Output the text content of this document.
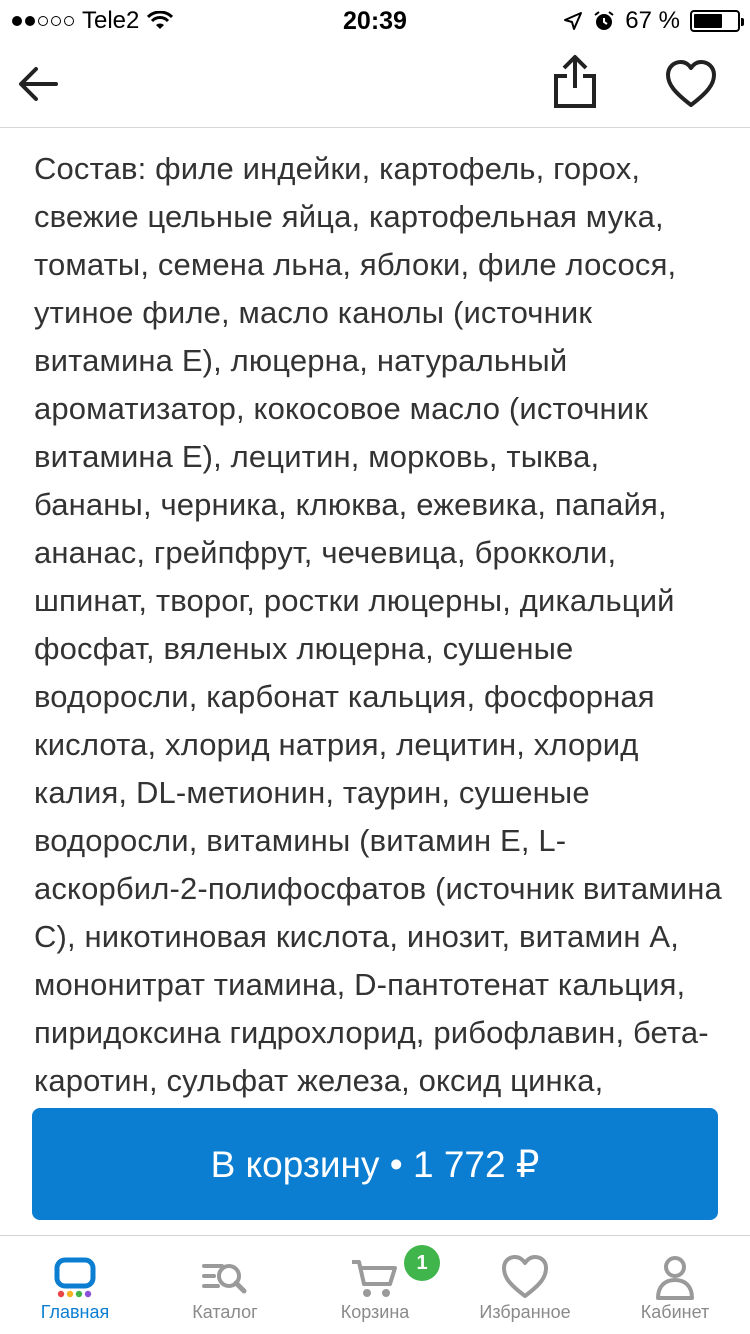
Tele2	20:39	67 %

Состав: филе индейки, картофель, горох, свежие цельные яйца, картофельная мука, томаты, семена льна, яблоки, филе лосося, утиное филе, масло канолы (источник витамина E), люцерна, натуральный ароматизатор, кокосовое масло (источник витамина E), лецитин, морковь, тыква, бананы, черника, клюква, ежевика, папайя, ананас, грейпфрут, чечевица, брокколи, шпинат, творог, ростки люцерны, дикальций фосфат, вяленых люцерна, сушеные водоросли, карбонат кальция, фосфорная кислота, хлорид натрия, лецитин, хлорид калия, DL-метионин, таурин, сушеные водоросли, витамины (витамин E, L-аскорбил-2-полифосфатов (источник витамина C), никотиновая кислота, инозит, витамин А, мононитрат тиамина, D-пантотенат кальция, пиридоксина гидрохлорид, рибофлавин, бета-каротин, сульфат железа, оксид цинка,

В корзину • 1 772 ₽
Главная	Каталог	Корзина	Избранное	Кабинет
1
